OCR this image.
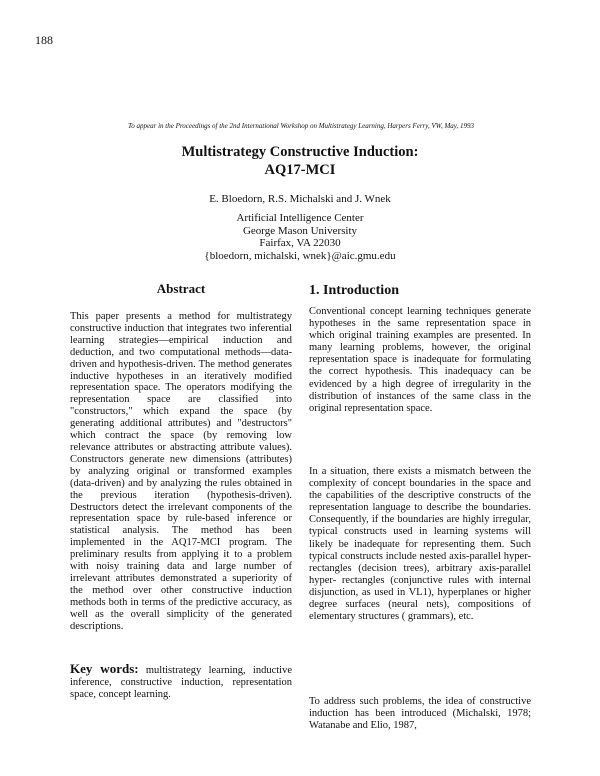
188
To appear in the Proceedings of the 2nd International Workshop on Multistrategy Learning, Harpers Ferry, VW, May, 1993
Multistrategy Constructive Induction:
AQ17-MCI
E. Bloedorn, R.S. Michalski and J. Wnek
Artificial Intelligence Center
George Mason University
Fairfax, VA 22030
{bloedorn, michalski, wnek}@aic.gmu.edu
Abstract
This paper presents a method for multistrategy constructive induction that integrates two inferential learning strategies—empirical induction and deduction, and two computational methods—data-driven and hypothesis-driven. The method generates inductive hypotheses in an iteratively modified representation space. The operators modifying the representation space are classified into "constructors," which expand the space (by generating additional attributes) and "destructors" which contract the space (by removing low relevance attributes or abstracting attribute values). Constructors generate new dimensions (attributes) by analyzing original or transformed examples (data-driven) and by analyzing the rules obtained in the previous iteration (hypothesis-driven). Destructors detect the irrelevant components of the representation space by rule-based inference or statistical analysis. The method has been implemented in the AQ17-MCI program. The preliminary results from applying it to a problem with noisy training data and large number of irrelevant attributes demonstrated a superiority of the method over other constructive induction methods both in terms of the predictive accuracy, as well as the overall simplicity of the generated descriptions.
Key words: multistrategy learning, inductive inference, constructive induction, representation space, concept learning.
1. Introduction
Conventional concept learning techniques generate hypotheses in the same representation space in which original training examples are presented. In many learning problems, however, the original representation space is inadequate for formulating the correct hypothesis. This inadequacy can be evidenced by a high degree of irregularity in the distribution of instances of the same class in the original representation space.
In a situation, there exists a mismatch between the complexity of concept boundaries in the space and the capabilities of the descriptive constructs of the representation language to describe the boundaries. Consequently, if the boundaries are highly irregular, typical constructs used in learning systems will likely be inadequate for representing them. Such typical constructs include nested axis-parallel hyper-rectangles (decision trees), arbitrary axis-parallel hyper- rectangles (conjunctive rules with internal disjunction, as used in VL1), hyperplanes or higher degree surfaces (neural nets), compositions of elementary structures ( grammars), etc.
To address such problems, the idea of constructive induction has been introduced (Michalski, 1978; Watanabe and Elio, 1987,
